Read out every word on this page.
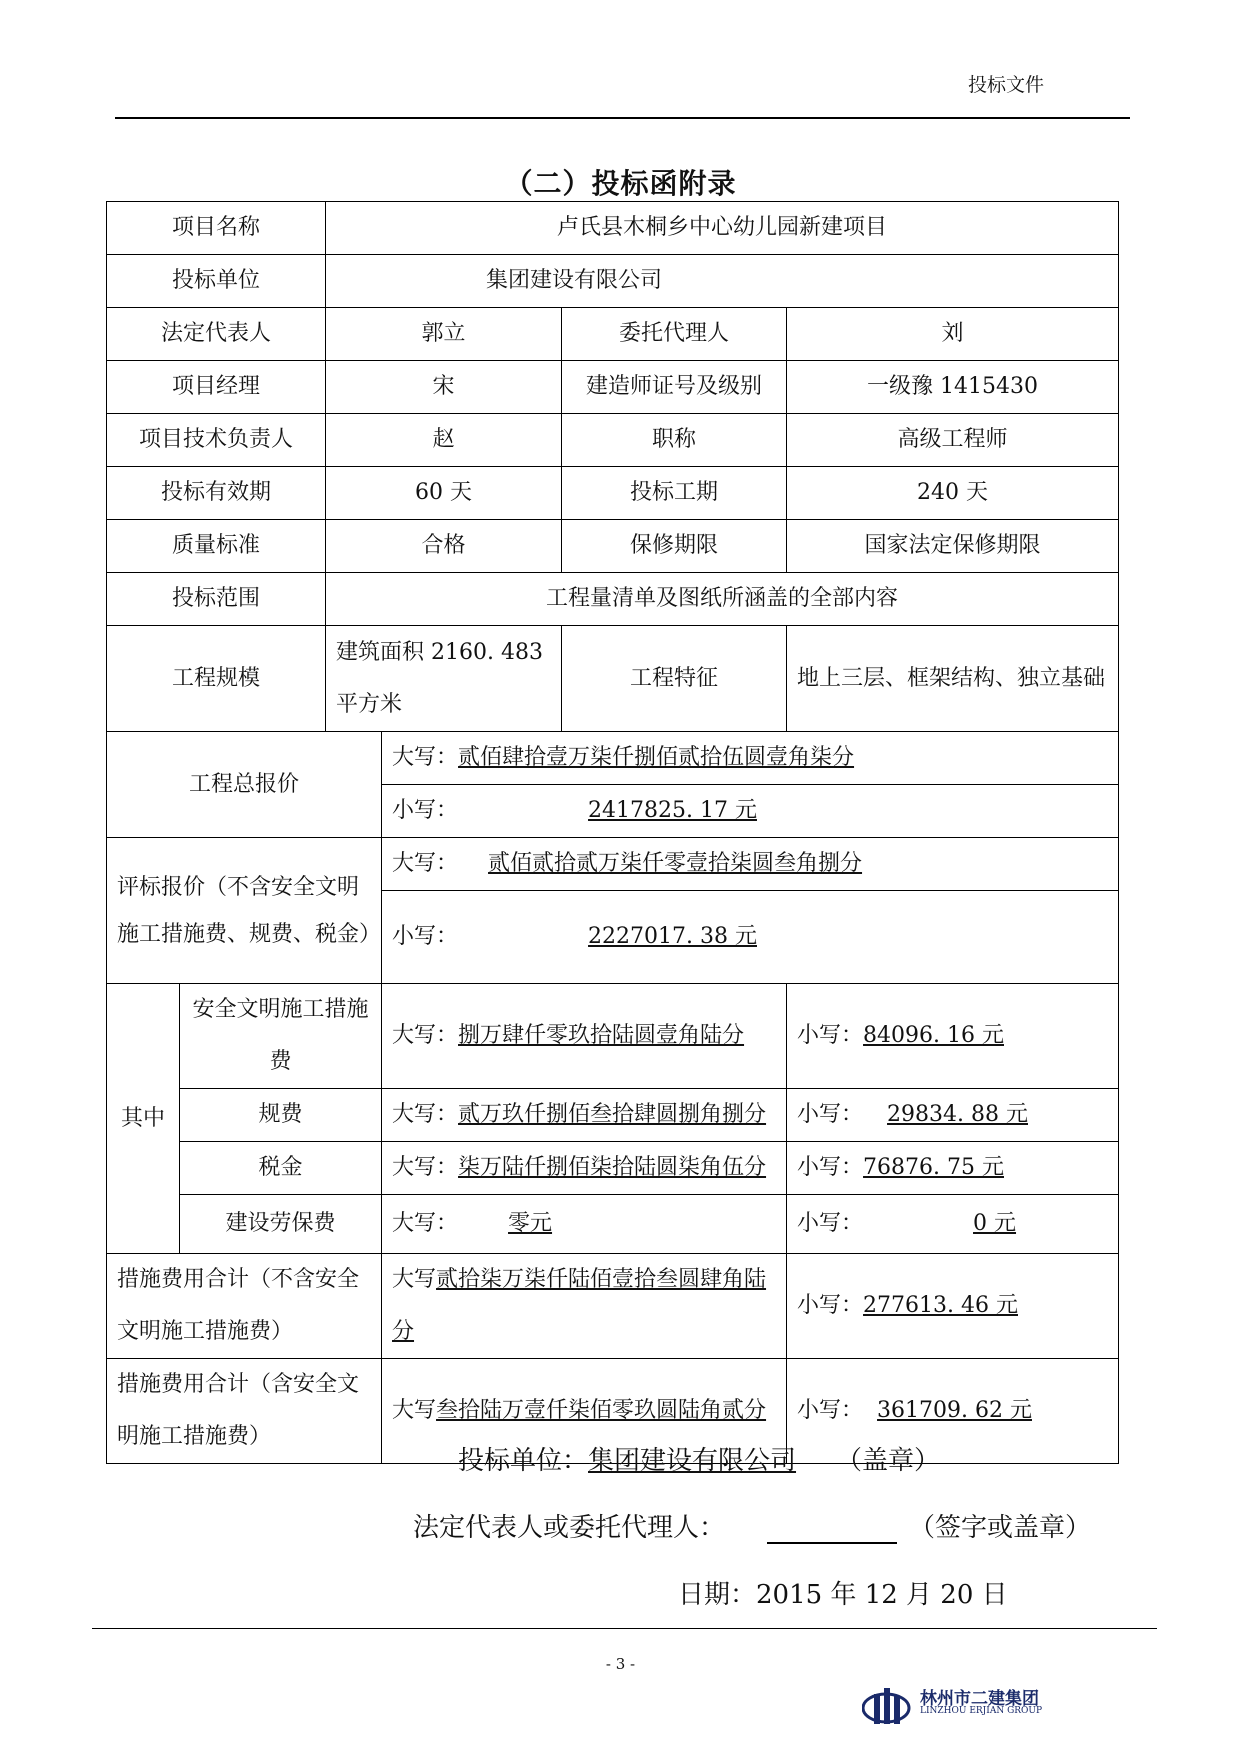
投标文件
（二）投标函附录
项目名称		卢氏县木桐乡中心幼儿园新建项目			
投标单位		集团建设有限公司			
法定代表人		郭立		委托代理人	刘
项目经理		宋		建造师证号及级别	一级豫 1415430
项目技术负责人		赵		职称	高级工程师
投标有效期		60 天		投标工期	240 天
质量标准		合格		保修期限	国家法定保修期限
投标范围		工程量清单及图纸所涵盖的全部内容			
工程规模		建筑面积 2160. 483 平方米		工程特征	地上三层、框架结构、独立基础
工程总报价			大写：贰佰肆拾壹万柒仟捌佰贰拾伍圆壹角柒分		
			小写： 2417825. 17 元		
评标报价（不含安全文明施工措施费、规费、税金）			大写： 贰佰贰拾贰万柒仟零壹拾柒圆叁角捌分		
			小写： 2227017. 38 元		
其中	安全文明施工措施费		大写：捌万肆仟零玖拾陆圆壹角陆分		小写：84096. 16 元
	规费		大写：贰万玖仟捌佰叁拾肆圆捌角捌分		小写： 29834. 88 元
	税金		大写：柒万陆仟捌佰柒拾陆圆柒角伍分		小写：76876. 75 元
	建设劳保费		大写： 零元		小写： 0 元
措施费用合计（不含安全文明施工措施费）			大写贰拾柒万柒仟陆佰壹拾叁圆肆角陆分		小写：277613. 46 元
措施费用合计（含安全文明施工措施费）			大写叁拾陆万壹仟柒佰零玖圆陆角贰分		小写： 361709. 62 元
投标单位：集团建设有限公司 （盖章）
法定代表人或委托代理人：	（签字或盖章）
日期：2015 年 12 月 20 日
- 3 -
林州市二建集团
LINZHOU ERJIAN GROUP
